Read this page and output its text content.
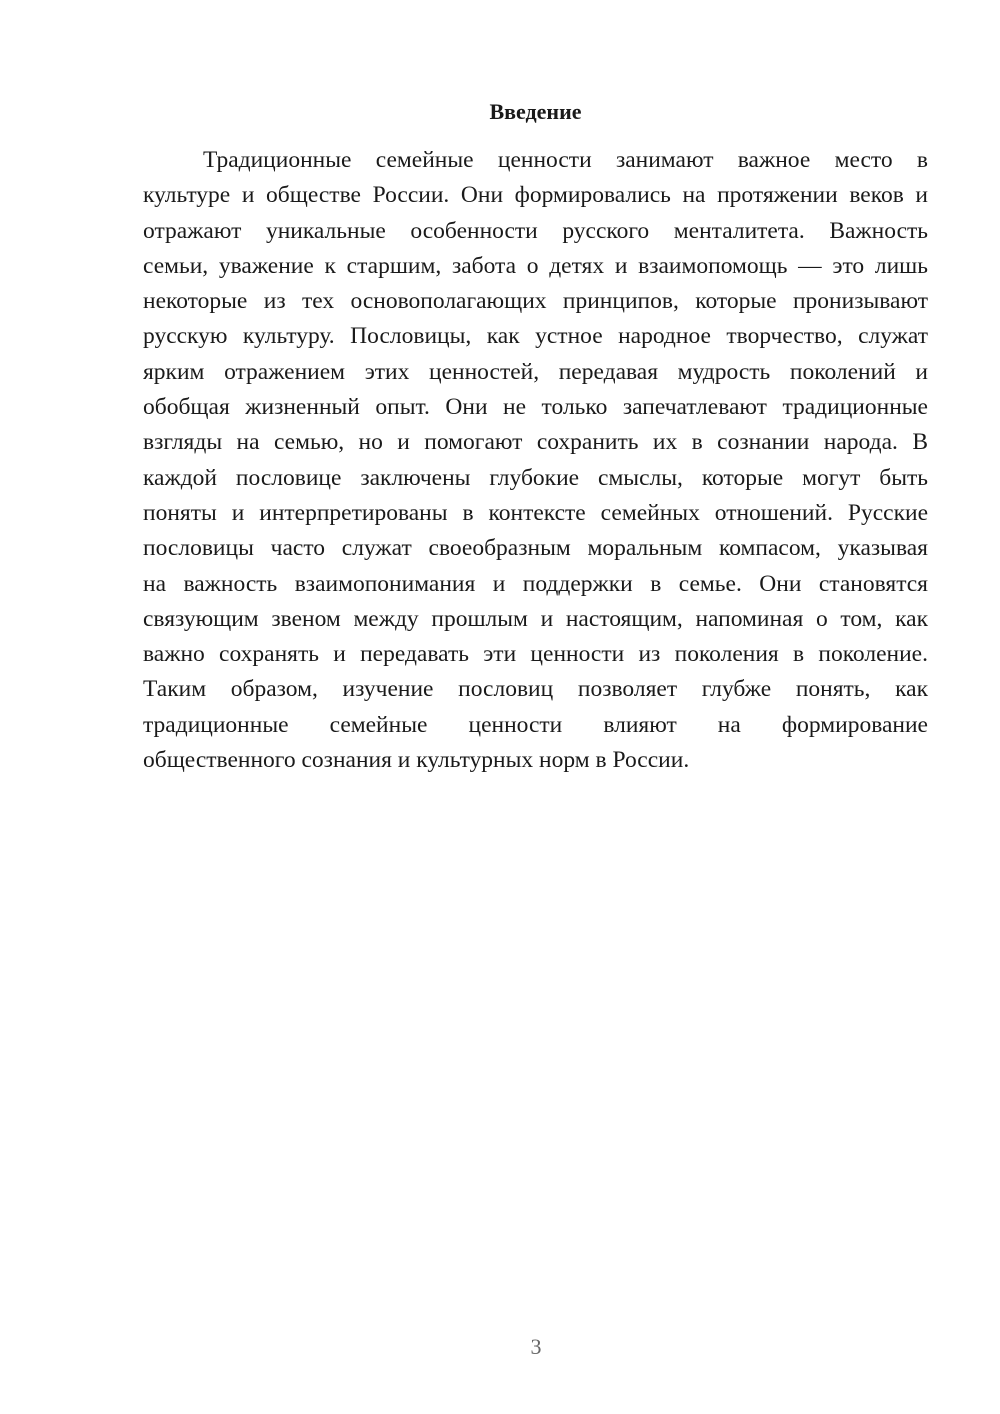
Введение
Традиционные семейные ценности занимают важное место в
культуре и обществе России. Они формировались на протяжении веков и
отражают уникальные особенности русского менталитета. Важность
семьи, уважение к старшим, забота о детях и взаимопомощь — это лишь
некоторые из тех основополагающих принципов, которые пронизывают
русскую культуру. Пословицы, как устное народное творчество, служат
ярким отражением этих ценностей, передавая мудрость поколений и
обобщая жизненный опыт. Они не только запечатлевают традиционные
взгляды на семью, но и помогают сохранить их в сознании народа. В
каждой пословице заключены глубокие смыслы, которые могут быть
поняты и интерпретированы в контексте семейных отношений. Русские
пословицы часто служат своеобразным моральным компасом, указывая
на важность взаимопонимания и поддержки в семье. Они становятся
связующим звеном между прошлым и настоящим, напоминая о том, как
важно сохранять и передавать эти ценности из поколения в поколение.
Таким образом, изучение пословиц позволяет глубже понять, как
традиционные семейные ценности влияют на формирование
общественного сознания и культурных норм в России.
3
